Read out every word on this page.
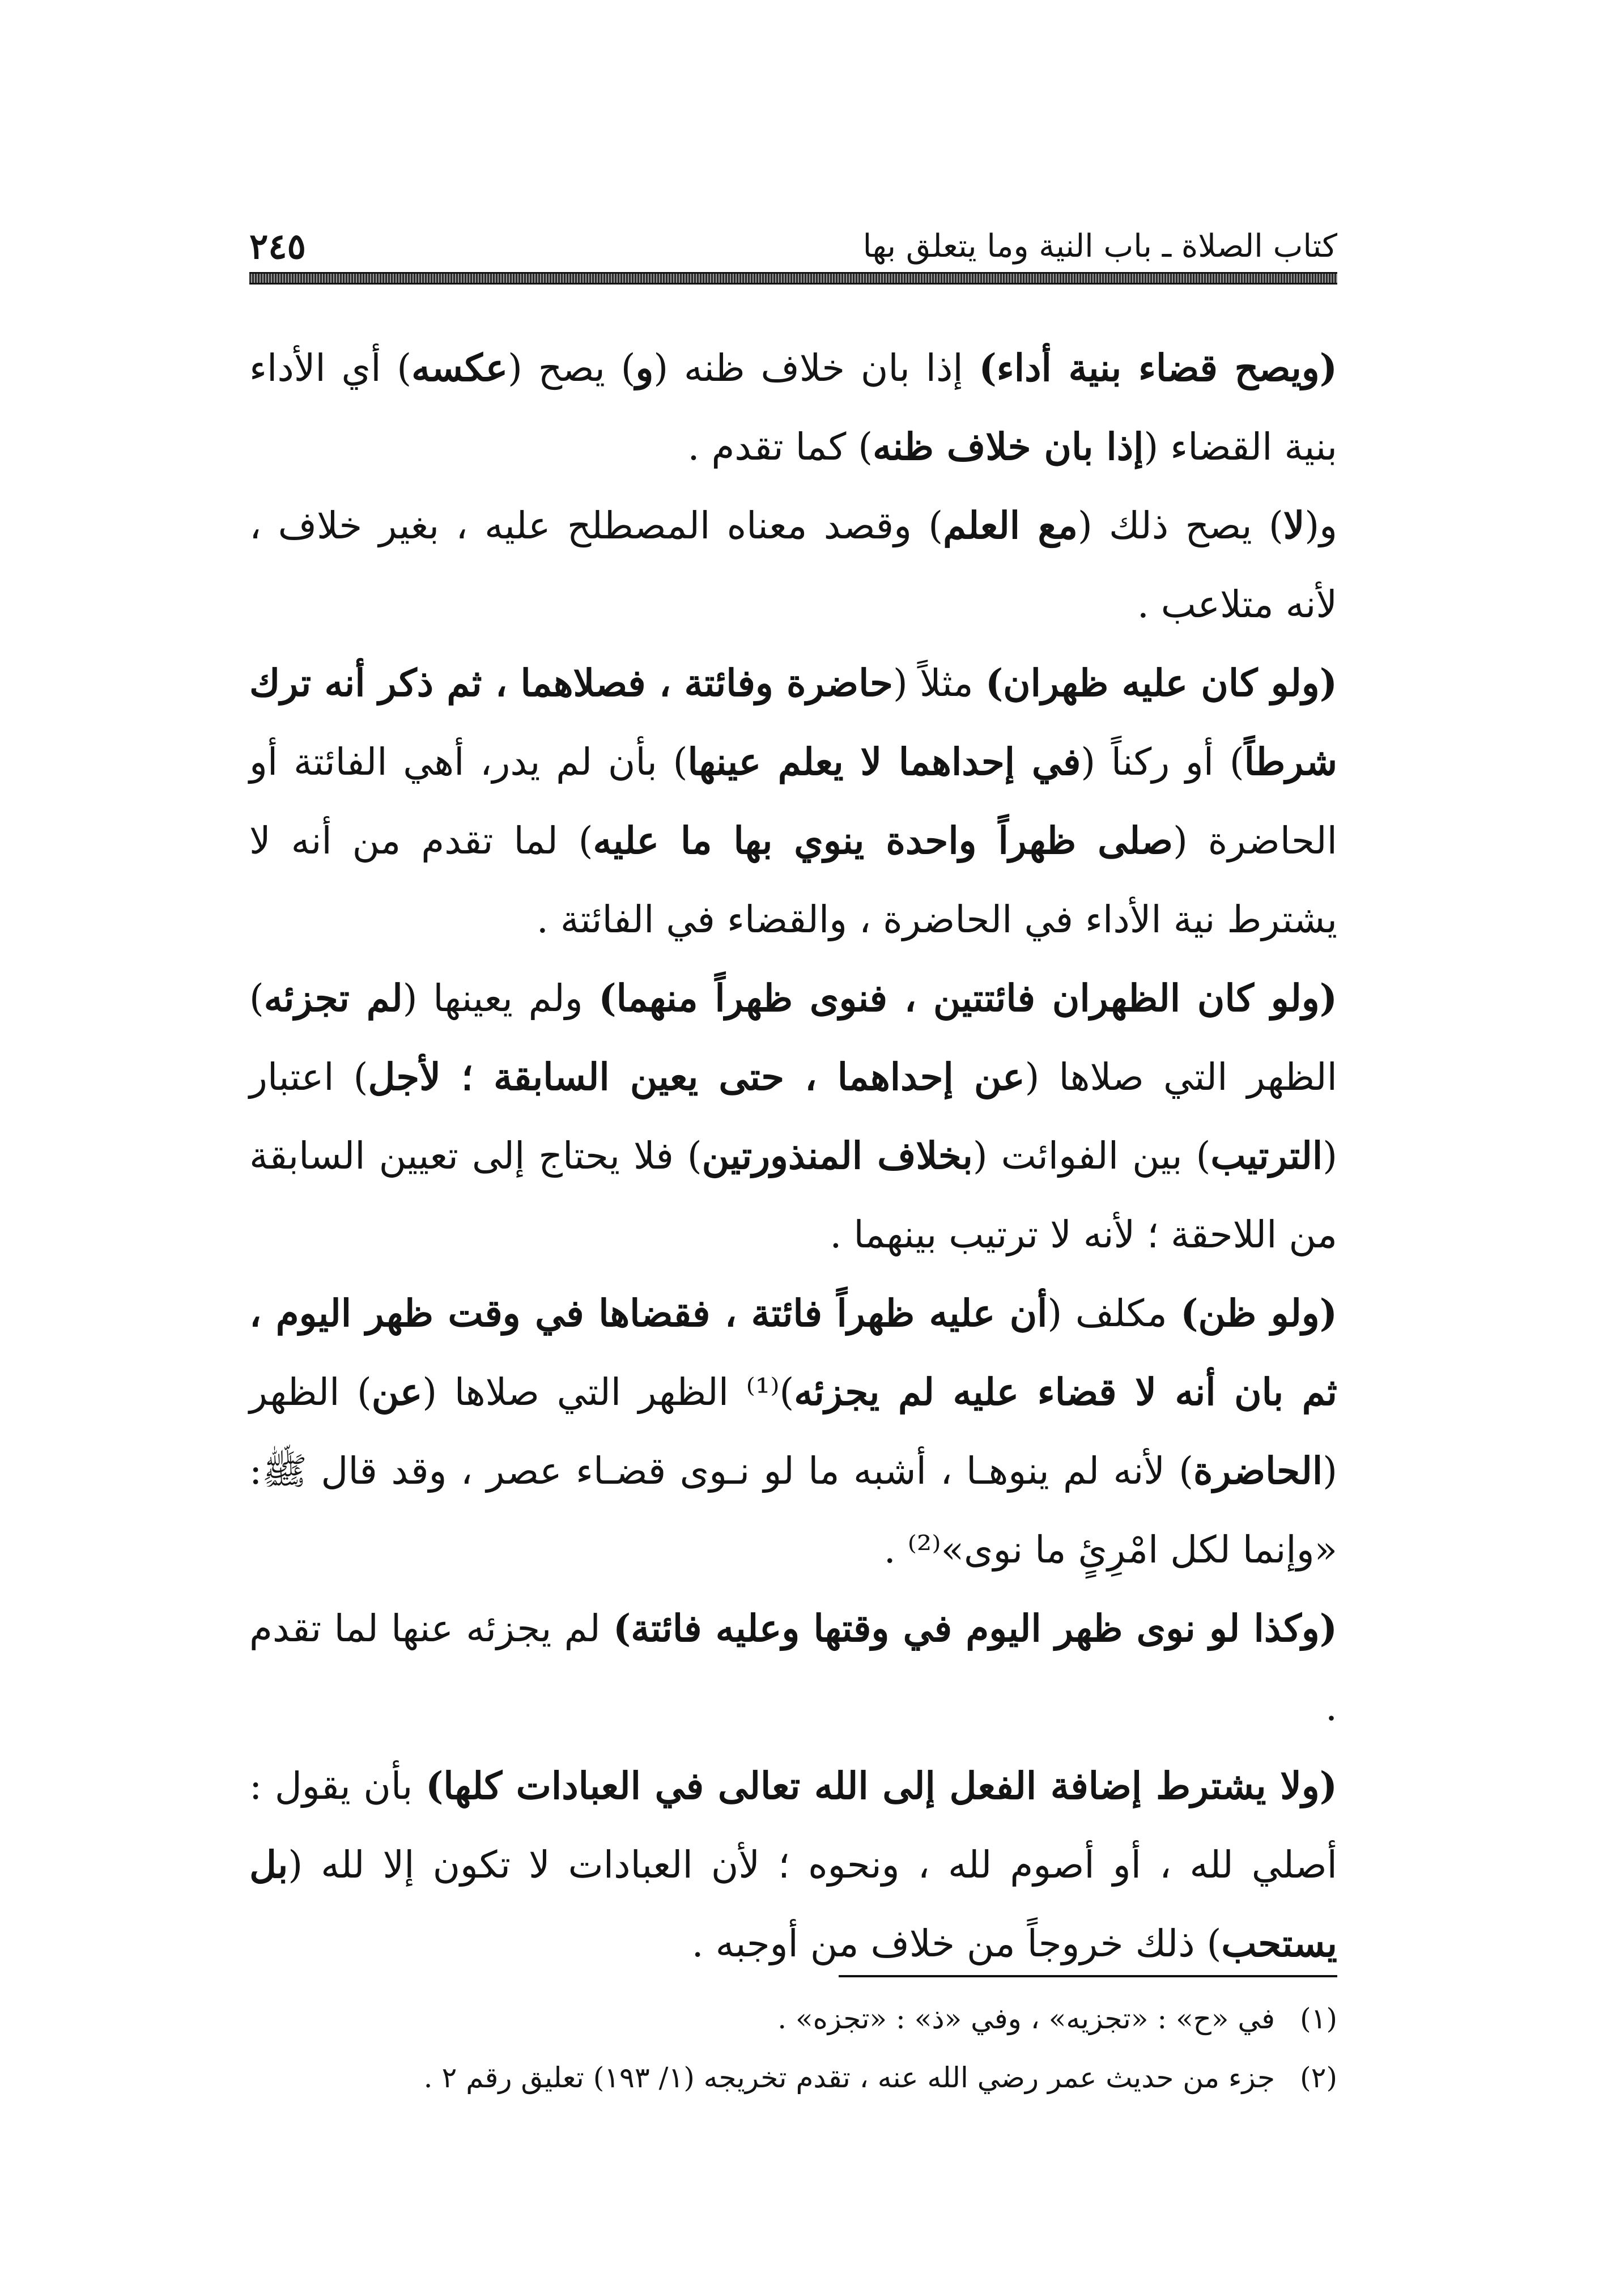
كتاب الصلاة ـ باب النية وما يتعلق بها
٢٤٥

(ويصح قضاء بنية أداء) إذا بان خلاف ظنه (و) يصح (عكسه) أي الأداء بنية القضاء (إذا بان خلاف ظنه) كما تقدم .

و(لا) يصح ذلك (مع العلم) وقصد معناه المصطلح عليه ، بغير خلاف ، لأنه متلاعب .

(ولو كان عليه ظهران) مثلاً (حاضرة وفائتة ، فصلاهما ، ثم ذكر أنه ترك شرطاً) أو ركناً (في إحداهما لا يعلم عينها) بأن لم يدر، أهي الفائتة أو الحاضرة (صلى ظهراً واحدة ينوي بها ما عليه) لما تقدم من أنه لا يشترط نية الأداء في الحاضرة ، والقضاء في الفائتة .

(ولو كان الظهران فائتتين ، فنوى ظهراً منهما) ولم يعينها (لم تجزئه) الظهر التي صلاها (عن إحداهما ، حتى يعين السابقة ؛ لأجل) اعتبار (الترتيب) بين الفوائت (بخلاف المنذورتين) فلا يحتاج إلى تعيين السابقة من اللاحقة ؛ لأنه لا ترتيب بينهما .

(ولو ظن) مكلف (أن عليه ظهراً فائتة ، فقضاها في وقت ظهر اليوم ، ثم بان أنه لا قضاء عليه لم يجزئه)⁽¹⁾ الظهر التي صلاها (عن) الظهر (الحاضرة) لأنه لم ينوهـا ، أشبه ما لو نـوى قضـاء عصر ، وقد قال ﷺ: «وإنما لكل امْرِئٍ ما نوى»⁽²⁾ .

(وكذا لو نوى ظهر اليوم في وقتها وعليه فائتة) لم يجزئه عنها لما تقدم .

(ولا يشترط إضافة الفعل إلى الله تعالى في العبادات كلها) بأن يقول : أصلي لله ، أو أصوم لله ، ونحوه ؛ لأن العبادات لا تكون إلا لله (بل يستحب) ذلك خروجاً من خلاف من أوجبه .

(١)
في «ح» : «تجزيه» ، وفي «ذ» : «تجزه» .
(٢)
جزء من حديث عمر رضي الله عنه ، تقدم تخريجه (١/ ١٩٣) تعليق رقم ٢ .
